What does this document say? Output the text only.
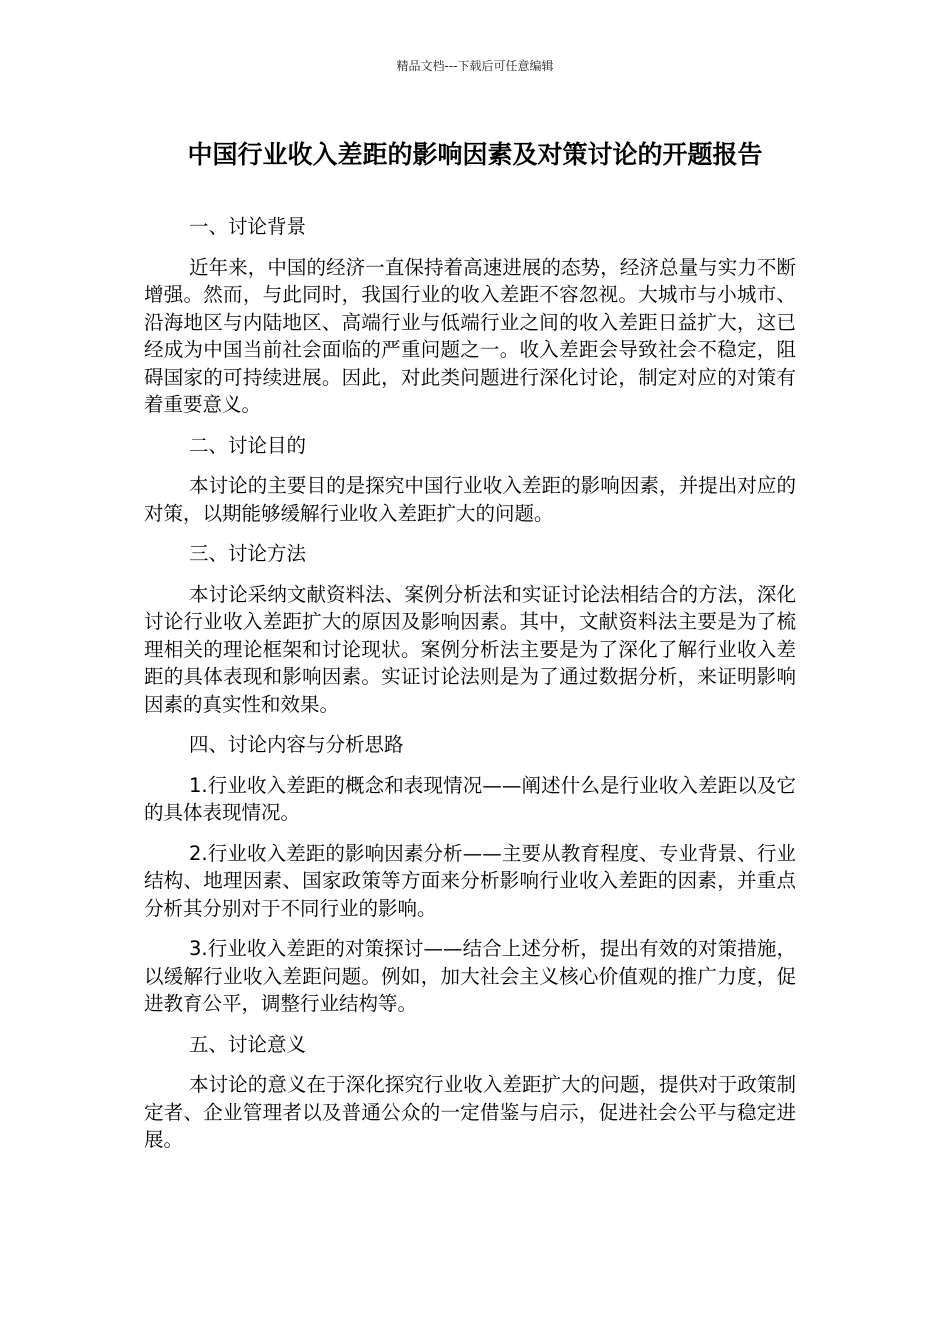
精品文档---下载后可任意编辑
中国行业收入差距的影响因素及对策讨论的开题报告
一、讨论背景

近年来，中国的经济一直保持着高速进展的态势，经济总量与实力不断增强。然而，与此同时，我国行业的收入差距不容忽视。大城市与小城市、沿海地区与内陆地区、高端行业与低端行业之间的收入差距日益扩大，这已经成为中国当前社会面临的严重问题之一。收入差距会导致社会不稳定，阻碍国家的可持续进展。因此，对此类问题进行深化讨论，制定对应的对策有着重要意义。

二、讨论目的

本讨论的主要目的是探究中国行业收入差距的影响因素，并提出对应的对策，以期能够缓解行业收入差距扩大的问题。

三、讨论方法

本讨论采纳文献资料法、案例分析法和实证讨论法相结合的方法，深化讨论行业收入差距扩大的原因及影响因素。其中，文献资料法主要是为了梳理相关的理论框架和讨论现状。案例分析法主要是为了深化了解行业收入差距的具体表现和影响因素。实证讨论法则是为了通过数据分析，来证明影响因素的真实性和效果。

四、讨论内容与分析思路

1.行业收入差距的概念和表现情况——阐述什么是行业收入差距以及它的具体表现情况。

2.行业收入差距的影响因素分析——主要从教育程度、专业背景、行业结构、地理因素、国家政策等方面来分析影响行业收入差距的因素，并重点分析其分别对于不同行业的影响。

3.行业收入差距的对策探讨——结合上述分析，提出有效的对策措施，以缓解行业收入差距问题。例如，加大社会主义核心价值观的推广力度，促进教育公平，调整行业结构等。

五、讨论意义

本讨论的意义在于深化探究行业收入差距扩大的问题，提供对于政策制定者、企业管理者以及普通公众的一定借鉴与启示，促进社会公平与稳定进展。
